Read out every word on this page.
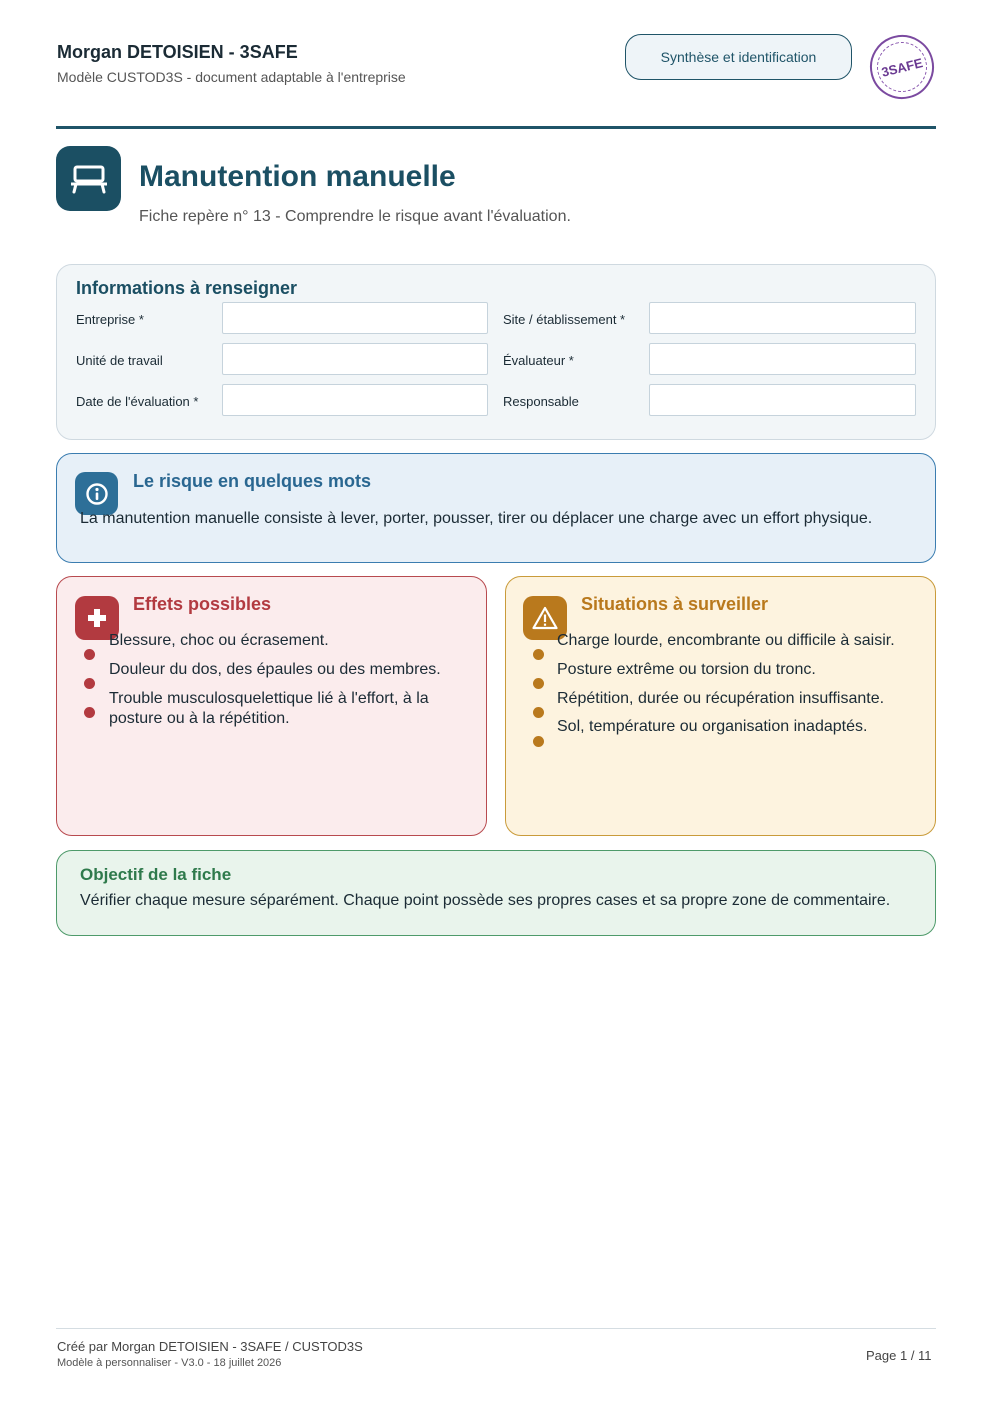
Morgan DETOISIEN - 3SAFE
Modèle CUSTOD3S - document adaptable à l'entreprise
Synthèse et identification	3SAFE
Manutention manuelle
Fiche repère n° 13 - Comprendre le risque avant l'évaluation.
Informations à renseigner
Entreprise *	Site / établissement *
Unité de travail	Évaluateur *
Date de l'évaluation *	Responsable
Le risque en quelques mots
La manutention manuelle consiste à lever, porter, pousser, tirer ou déplacer une charge avec un effort physique.
Effets possibles
Blessure, choc ou écrasement.
Douleur du dos, des épaules ou des membres.
Trouble musculosquelettique lié à l'effort, à la posture ou à la répétition.
Situations à surveiller
Charge lourde, encombrante ou difficile à saisir.
Posture extrême ou torsion du tronc.
Répétition, durée ou récupération insuffisante.
Sol, température ou organisation inadaptés.
Objectif de la fiche
Vérifier chaque mesure séparément. Chaque point possède ses propres cases et sa propre zone de commentaire.
Créé par Morgan DETOISIEN - 3SAFE / CUSTOD3S
Modèle à personnaliser - V3.0 - 18 juillet 2026	Page 1 / 11
